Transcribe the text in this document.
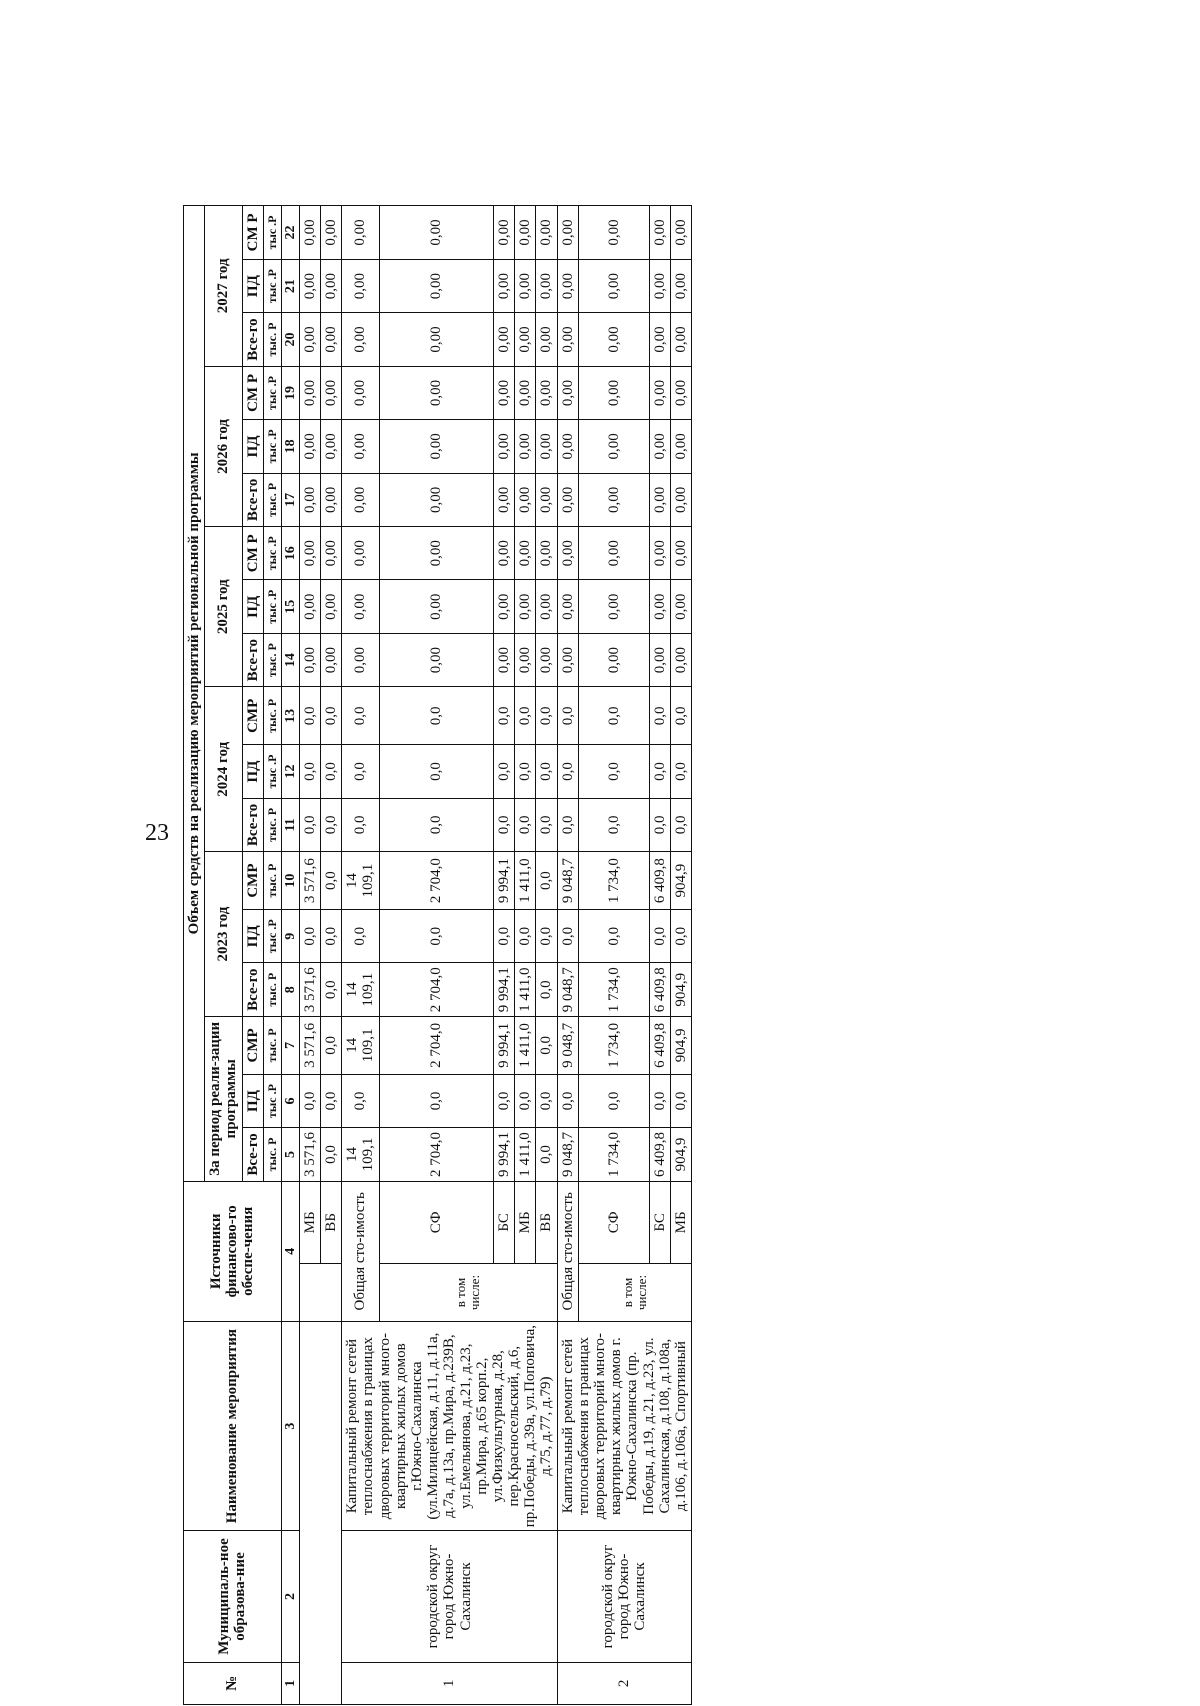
23
№	Муниципаль-ное образова-ние	Наименование мероприятия	Источники финансово-го обеспе-чения		Объем средств на реализацию мероприятий региональной программы																	
					За период реали-зации программы			2023 год			2024 год			2025 год			2026 год			2027 год		
					Все-го	ПД	СМР	Все-го	ПД	СМР	Все-го	ПД	СМР	Все-го	ПД	СМ Р	Все-го	ПД	СМ Р	Все-го	ПД	СМ Р
					тыс. Р	тыс .Р	тыс. Р	тыс. Р	тыс .Р	тыс. Р	тыс. Р	тыс .Р	тыс. Р	тыс. Р	тыс .Р	тыс .Р	тыс. Р	тыс .Р	тыс .Р	тыс. Р	тыс .Р	тыс .Р
1	2	3	4		5	6	7	8	9	10	11	12	13	14	15	16	17	18	19	20	21	22
				МБ	3 571,6	0,0	3 571,6	3 571,6	0,0	3 571,6	0,0	0,0	0,0	0,00	0,00	0,00	0,00	0,00	0,00	0,00	0,00	0,00
				ВБ	0,0	0,0	0,0	0,0	0,0	0,0	0,0	0,0	0,0	0,00	0,00	0,00	0,00	0,00	0,00	0,00	0,00	0,00
1	городской округ город Южно-Сахалинск	Капитальный ремонт сетей теплоснабжения в границах дворовых территорий много-квартирных жилых домов г.Южно-Сахалинска (ул.Милицейская, д.11, д.11а, д.7а, д.13а, пр.Мира, д.239В, ул.Емельянова, д.21, д.23, пр.Мира, д.65 корп.2, ул.Физкультурная, д.28, пер.Красносельский, д.6, пр.Победы, д.39а, ул.Поповича, д.75, д.77, д.79)	Общая сто-имость		14 109,1	0,0	14 109,1	14 109,1	0,0	14 109,1	0,0	0,0	0,0	0,00	0,00	0,00	0,00	0,00	0,00	0,00	0,00	0,00
			в том числе:	СФ	2 704,0	0,0	2 704,0	2 704,0	0,0	2 704,0	0,0	0,0	0,0	0,00	0,00	0,00	0,00	0,00	0,00	0,00	0,00	0,00
				БС	9 994,1	0,0	9 994,1	9 994,1	0,0	9 994,1	0,0	0,0	0,0	0,00	0,00	0,00	0,00	0,00	0,00	0,00	0,00	0,00
				МБ	1 411,0	0,0	1 411,0	1 411,0	0,0	1 411,0	0,0	0,0	0,0	0,00	0,00	0,00	0,00	0,00	0,00	0,00	0,00	0,00
				ВБ	0,0	0,0	0,0	0,0	0,0	0,0	0,0	0,0	0,0	0,00	0,00	0,00	0,00	0,00	0,00	0,00	0,00	0,00
2	городской округ город Южно-Сахалинск	Капитальный ремонт сетей теплоснабжения в границах дворовых территорий много-квартирных жилых домов г. Южно-Сахалинска (пр. Победы, д.19, д.21, д.23, ул. Сахалинская, д.108, д.108а, д.106, д.106а, Спортивный	Общая сто-имость		9 048,7	0,0	9 048,7	9 048,7	0,0	9 048,7	0,0	0,0	0,0	0,00	0,00	0,00	0,00	0,00	0,00	0,00	0,00	0,00
			в том числе:	СФ	1 734,0	0,0	1 734,0	1 734,0	0,0	1 734,0	0,0	0,0	0,0	0,00	0,00	0,00	0,00	0,00	0,00	0,00	0,00	0,00
				БС	6 409,8	0,0	6 409,8	6 409,8	0,0	6 409,8	0,0	0,0	0,0	0,00	0,00	0,00	0,00	0,00	0,00	0,00	0,00	0,00
				МБ	904,9	0,0	904,9	904,9	0,0	904,9	0,0	0,0	0,0	0,00	0,00	0,00	0,00	0,00	0,00	0,00	0,00	0,00
